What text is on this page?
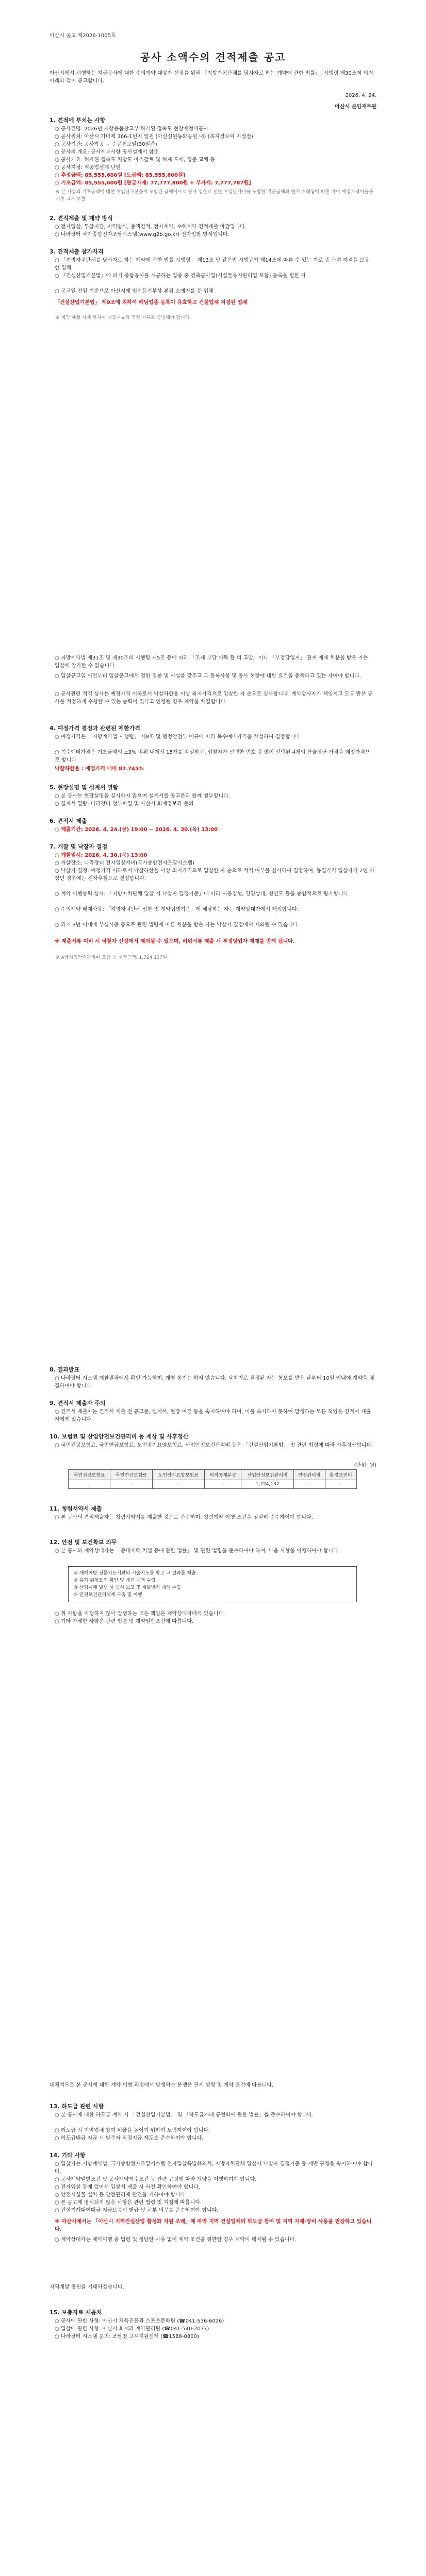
아산시 공고 제2026-1005호
공사 소액수의 견적제출 공고
아산시에서 시행하는 지급공사에 대한 수의계약 대상자 선정을 위해 『지방자치단체를 당사자로 하는 계약에 관한 법률』, 시행령 제30조에 의거 아래와 같이 공고합니다.
2026. 4. 24.
아산시 분임재무관
1. 견적에 부치는 사항
○ 공사건명: 2026년 저장용품창고부 허가된 접속도 현장재정비공사
○ 공사위치: 아산시 가마제 366-1번지 일원 (아산신원동화공원 내) (복지경로여 지정절)
○ 공사기간: 공사착공 ~ 준공통보일(30일간)
○ 공사의 개요: 공사세부사항 공사설계서 참조
○ 공사개요: 허가된 접속도 처방도 아스팔트 및 허계 도배, 정문 교체 등
○ 공사지정: 적공업설계 단일
○ 추정금액: 85,555,600원 [도급액: 85,555,600원]
○ 기초금액: 85,555,600원 [관급자재: 77,777,800원 + 부가세: 7,777,787원]
※ 본 사업의 기초금액에 대한 투입단가산출이 포함된 금액이므로 당사 입찰로 인한 투입단가비율 포함한 기준금액과 현저 거래됨에 따른 차이 예정가격비율을 기초 그가 투찰
2. 견적제출 및 계약 방식
○ 전자입찰, 투찰지간, 지역방식, 총액견적, 전자계약, 수해계약 견적제출 마감입니다.
○ 나라장터 국가종합전자조달시스템(www.g2b.go.kr) 전자입찰 방식입니다.
3. 견적제출 참가자격
○ 「지방자치단체를 당사자로 하는 계약에 관한 법률 시행령」 제13조 및 같은법 시행규칙 제14조에 따른 수 있는 자로 중 관련 자격을 보유한 업체
○ 『건설산업기본법』에 의거 종합공사를 시공하는 업종 중 건축공사업(시설물유지관리업 포함) 등록을 필한 자
○ 공고일 전일 기준으로 아산시에 법인등기부상 본점 소재지를 둔 업체
「건설산업기본법」 제9조에 의하여 해당업종 등록이 유효하고 건설업체 지정된 업체
※ 계약 체결 시에 한하여 제출서류와 적정 서류로 증빙해야 합니다.
○ 지방계약법 제31조 및 제30조의 시행령 제5조 등에 따라 「조세 부당 이득 등 의 고발」이나 「부정당업자」 관계 제재 처분을 받은 자는 입찰에 참가할 수 없습니다.
○ 입찰공고일 이전부터 입찰공고에서 정한 업종 및 시설을 갖추고 그 등록사항 및 공사 현장에 대한 요건을 충족하고 있는 자여야 합니다.
○ 공사관련 적격 심사는 예정가격 이하로서 낙찰하한율 이상 최저가격으로 입찰한 자 순으로 심사합니다. 계약당사자가 책임지고 도급 받은 공사를 적정하게 수행할 수 있는 능력이 있다고 인정될 경우 계약을 체결합니다.
4. 예정가격 결정과 관련된 제한가격
○ 예정가격은 「지방계약법 시행령」 제8조 및 행정안전부 예규에 따라 복수예비가격을 작성하여 결정합니다.
○ 복수예비가격은 기초금액의 ±3% 범위 내에서 15개를 작성하고, 입찰자가 선택한 번호 중 많이 선택된 4개의 산술평균 가격을 예정가격으로 합니다.
낙찰하한율 : 예정가격 대비 87.745%
5. 현장설명 및 설계서 열람
○ 본 공사는 현장설명을 실시하지 않으며 설계서를 공고문과 함께 첨부합니다.
○ 설계서 열람: 나라장터 첨부파일 및 아산시 회계정보과 문의
6. 견적서 제출
○ 제출기간: 2026. 4. 24.(금) 19:00 ~ 2026. 4. 30.(목) 13:00
7. 개찰 및 낙찰자 결정
○ 개찰일시: 2026. 4. 30.(목) 13:00
○ 개찰장소: 나라장터 전자입찰서버(국가종합전자조달시스템)
○ 낙찰자 결정: 예정가격 이하로서 낙찰하한율 이상 최저가격으로 입찰한 자 순으로 적격 여부를 심사하여 결정하며, 동일가격 입찰자가 2인 이상인 경우에는 전자추첨으로 결정합니다.
○ 계약 이행능력 심사: 「지방자치단체 입찰 시 낙찰자 결정기준」에 따라 시공경험, 경영상태, 신인도 등을 종합적으로 평가합니다.
○ 수의계약 배제사유: 「지방자치단체 입찰 및 계약집행기준」에 해당하는 자는 계약상대자에서 제외합니다.
○ 과거 3년 이내에 부실시공 등으로 관련 법령에 따른 처분을 받은 자는 낙찰자 결정에서 제외될 수 있습니다.
※ 제출서류 미비 시 낙찰자 선정에서 제외될 수 있으며, 허위서류 제출 시 부정당업자 제재를 받게 됩니다.
※ A급지정안전관리비 포함 등 계약금액: 1,724,137원
8. 결과발표
○ 나라장터 시스템 개찰결과에서 확인 가능하며, 개별 통지는 하지 않습니다. 낙찰자로 결정된 자는 통보를 받은 날부터 10일 이내에 계약을 체결하여야 합니다.
9. 견적서 제출자 주의
○ 견적서 제출자는 견적서 제출 전 공고문, 설계서, 현장 여건 등을 숙지하여야 하며, 이를 숙지하지 못하여 발생하는 모든 책임은 견적서 제출자에게 있습니다.
10. 보험료 및 산업안전보건관리비 등 계상 및 사후정산
○ 국민건강보험료, 국민연금보험료, 노인장기요양보험료, 산업안전보건관리비 등은 「건설산업기본법」 및 관련 법령에 따라 사후정산합니다.
(단위: 원)
국민건강보험료	국민연금보험료	노인장기요양보험료	퇴직공제부금	산업안전보건관리비	안전관리비	환경보전비
-	-	-	-	1,724,137	-	-
11. 청렴서약서 제출
○ 본 공사의 견적제출자는 청렴서약서를 제출한 것으로 간주하며, 청렴계약 이행 조건을 성실히 준수하여야 합니다.
12. 안전 및 보건확보 의무
○ 본 공사의 계약상대자는 「중대재해 처벌 등에 관한 법률」 및 관련 법령을 준수하여야 하며, 다음 사항을 이행하여야 합니다.
① 재해예방 전문지도기관의 기술지도를 받고 그 결과를 제출
② 유해·위험요인 확인 및 개선 대책 수립
③ 산업재해 발생 시 즉시 보고 및 재발방지 대책 수립
④ 안전보건관리체계 구축 및 이행
○ 위 사항을 이행하지 않아 발생하는 모든 책임은 계약상대자에게 있습니다.
○ 기타 자세한 사항은 관련 법령 및 계약일반조건에 따릅니다.
대체적으로 본 공사에 대한 계약 이행 과정에서 발생하는 분쟁은 관계 법령 및 계약 조건에 따릅니다.
13. 하도급 관련 사항
○ 본 공사에 대한 하도급 계약 시 「건설산업기본법」 및 「하도급거래 공정화에 관한 법률」을 준수하여야 합니다.
○ 하도급 시 지역업체 참여 비율을 높이기 위하여 노력하여야 합니다.
○ 하도급대금 지급 시 발주자 직접지급 제도를 준수하여야 합니다.
14. 기타 사항
○ 입찰자는 지방계약법, 국가종합전자조달시스템 전자입찰특별유의서, 지방자치단체 입찰시 낙찰자 결정기준 등 제반 규정을 숙지하여야 합니다.
○ 공사계약일반조건 및 공사계약특수조건 등 관련 규정에 따라 계약을 이행하여야 합니다.
○ 전자입찰 등에 있어서 입찰서 제출 시 사전 확인하여야 합니다.
○ 안전시설물 설치 등 안전관리에 만전을 기하여야 합니다.
○ 본 공고에 명시되지 않은 사항은 관련 법령 및 지침에 따릅니다.
○ 건설기계대여대금 지급보증서 발급 및 교부 의무를 준수하여야 합니다.
※ 아산시에서는 「아산시 지역건설산업 활성화 지원 조례」에 따라 지역 건설업체의 하도급 참여 및 지역 자재·장비 사용을 권장하고 있습니다.
○ 계약상대자는 계약이행 중 법령 및 정당한 사유 없이 계약 조건을 위반할 경우 계약이 해지될 수 있습니다.
지역개발 공헌을 기대하겠습니다.
15. 보충자료 제공처
○ 공사에 관한 사항: 아산시 체육진흥과 스포츠문화팀 (☎041-536-6026)
○ 입찰에 관한 사항: 아산시 회계과 계약관리팀 (☎041-540-2077)
○ 나라장터 시스템 문의: 조달청 고객지원센터 (☎1588-0800)
